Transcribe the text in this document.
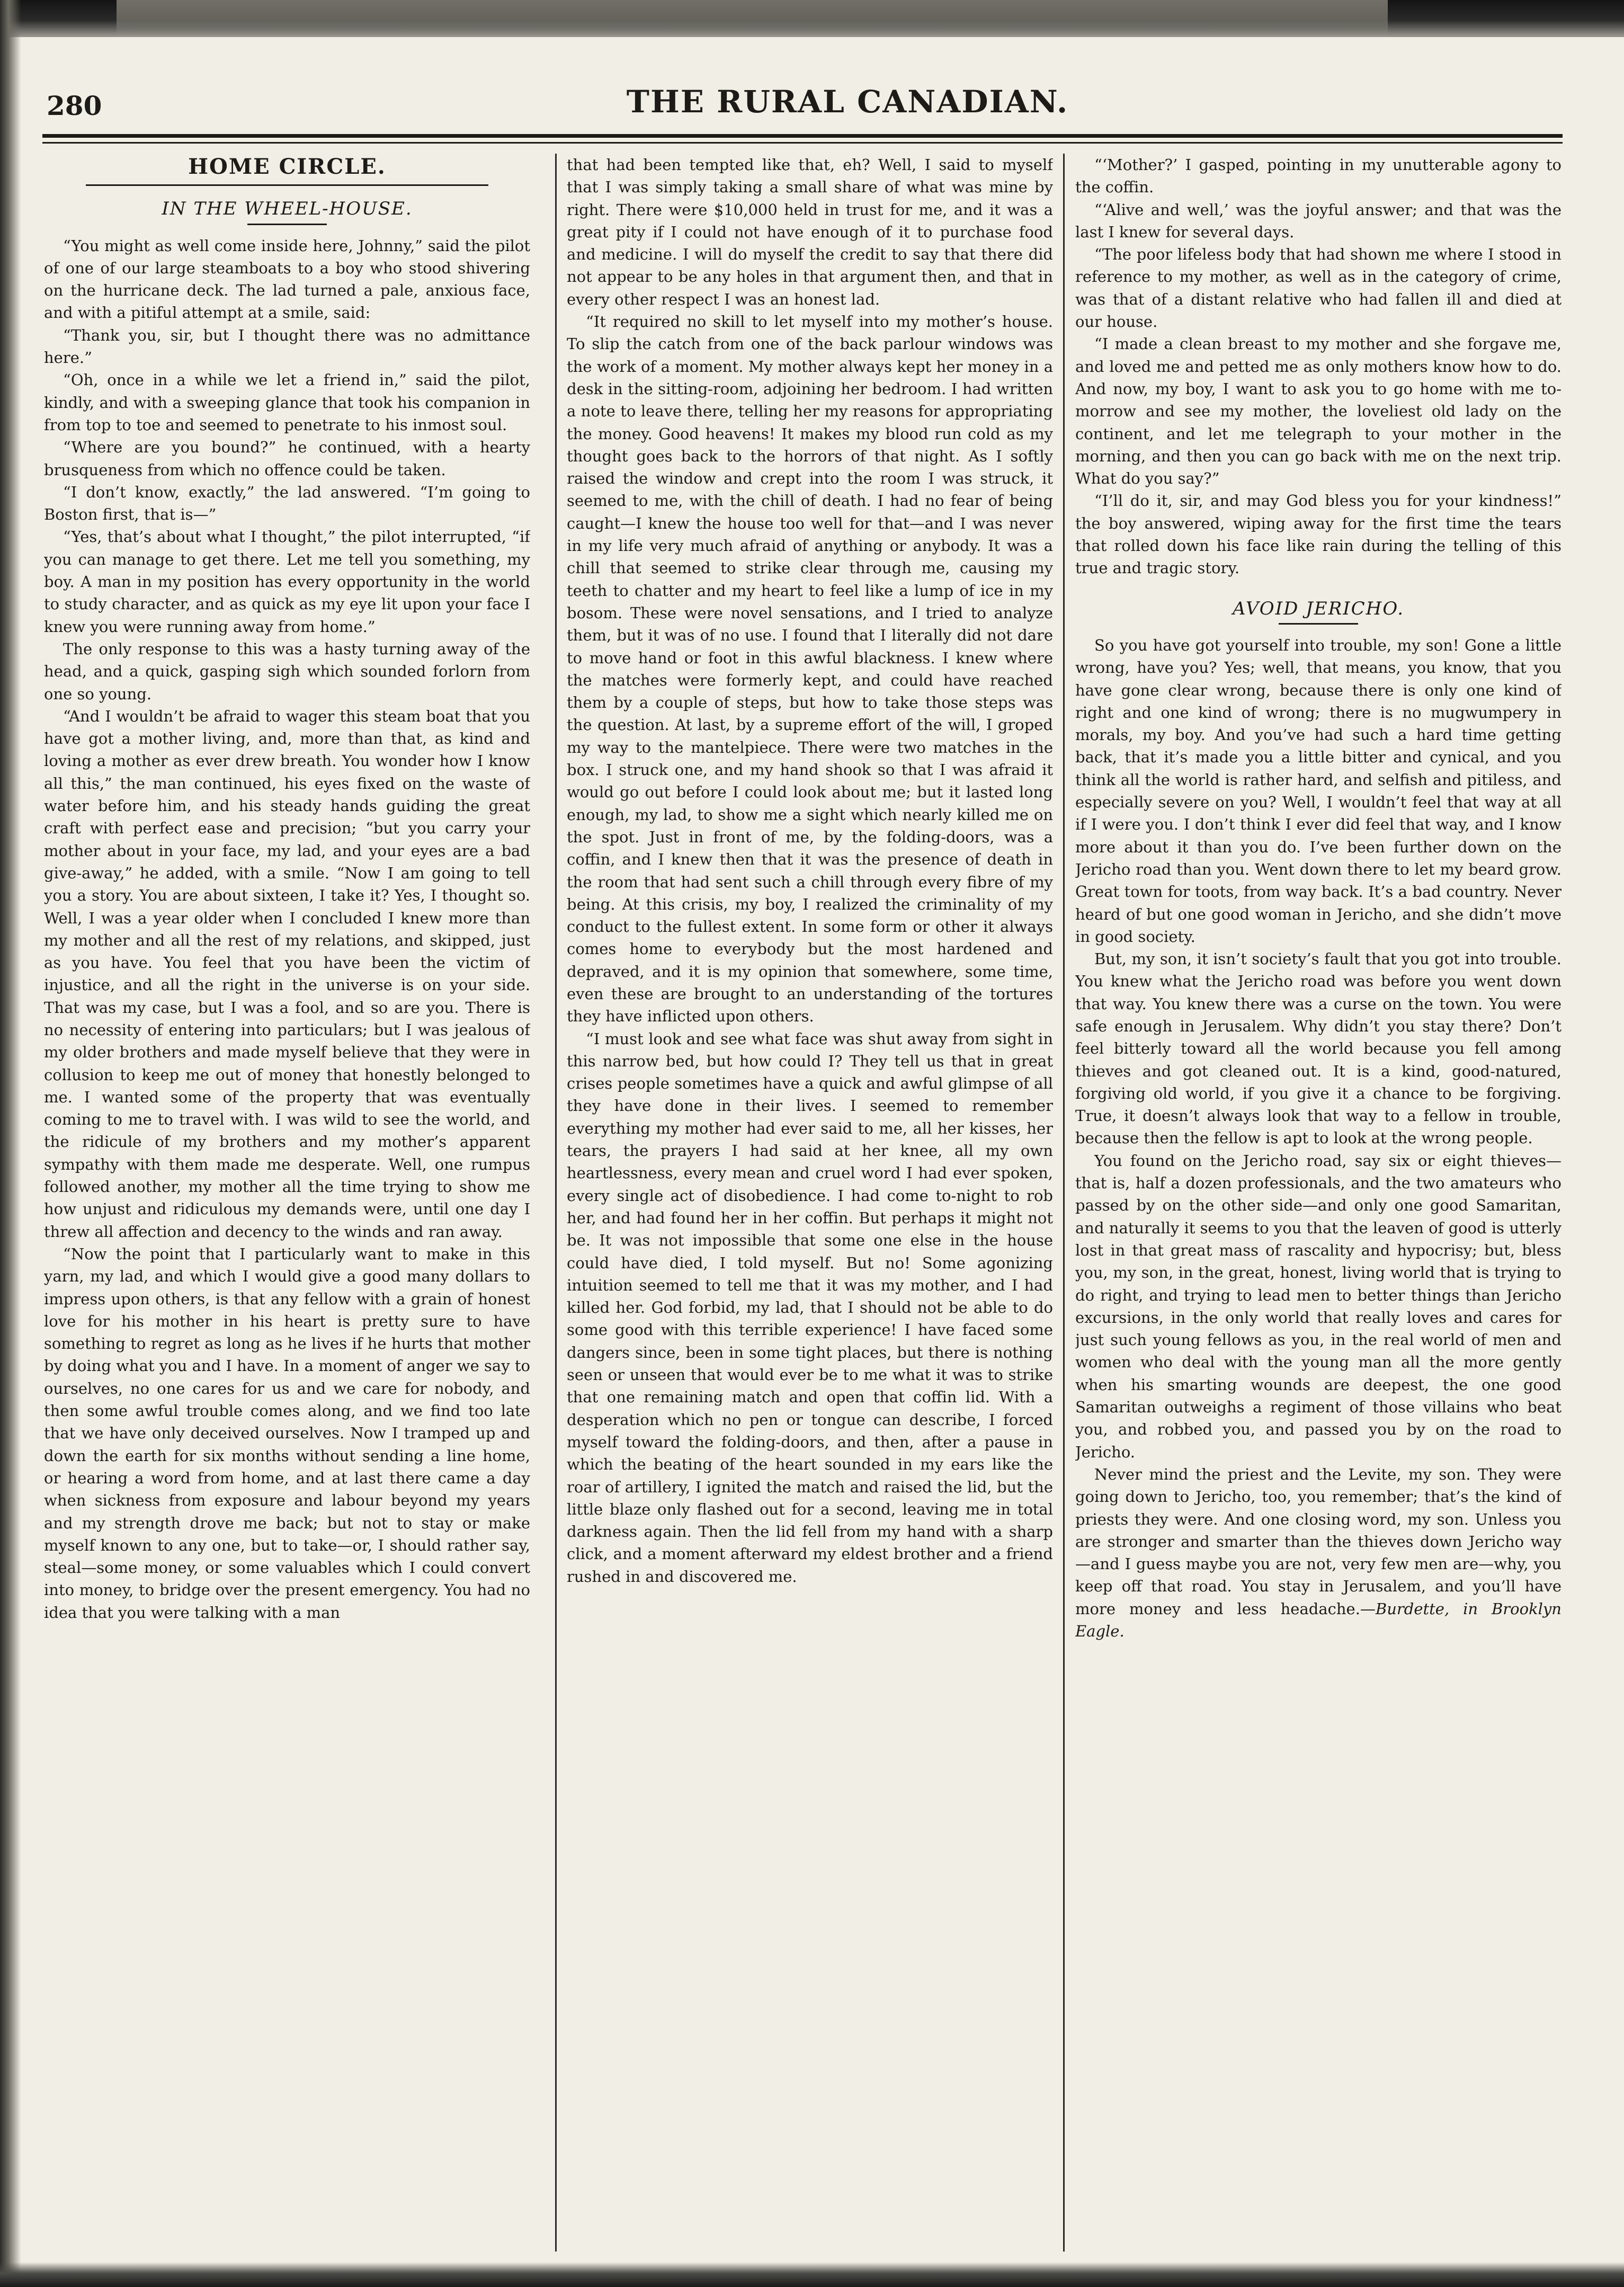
280	THE RURAL CANADIAN.
HOME CIRCLE.
IN THE WHEEL-HOUSE.

“You might as well come inside here, Johnny,” said the pilot of one of our large steamboats to a boy who stood shivering on the hurricane deck. The lad turned a pale, anxious face, and with a pitiful attempt at a smile, said:

“Thank you, sir, but I thought there was no admittance here.”

“Oh, once in a while we let a friend in,” said the pilot, kindly, and with a sweeping glance that took his companion in from top to toe and seemed to penetrate to his inmost soul.

“Where are you bound?” he continued, with a hearty brusqueness from which no offence could be taken.

“I don’t know, exactly,” the lad answered. “I’m going to Boston first, that is—”

“Yes, that’s about what I thought,” the pilot interrupted, “if you can manage to get there. Let me tell you something, my boy. A man in my position has every opportunity in the world to study character, and as quick as my eye lit upon your face I knew you were running away from home.”

The only response to this was a hasty turning away of the head, and a quick, gasping sigh which sounded forlorn from one so young.

“And I wouldn’t be afraid to wager this steam boat that you have got a mother living, and, more than that, as kind and loving a mother as ever drew breath. You wonder how I know all this,” the man continued, his eyes fixed on the waste of water before him, and his steady hands guiding the great craft with perfect ease and precision; “but you carry your mother about in your face, my lad, and your eyes are a bad give-away,” he added, with a smile. “Now I am going to tell you a story. You are about sixteen, I take it? Yes, I thought so. Well, I was a year older when I concluded I knew more than my mother and all the rest of my relations, and skipped, just as you have. You feel that you have been the victim of injustice, and all the right in the universe is on your side. That was my case, but I was a fool, and so are you. There is no necessity of entering into particulars; but I was jealous of my older brothers and made myself believe that they were in collusion to keep me out of money that honestly belonged to me. I wanted some of the property that was eventually coming to me to travel with. I was wild to see the world, and the ridicule of my brothers and my mother’s apparent sympathy with them made me desperate. Well, one rumpus followed another, my mother all the time trying to show me how unjust and ridiculous my demands were, until one day I threw all affection and decency to the winds and ran away.

“Now the point that I particularly want to make in this yarn, my lad, and which I would give a good many dollars to impress upon others, is that any fellow with a grain of honest love for his mother in his heart is pretty sure to have something to regret as long as he lives if he hurts that mother by doing what you and I have. In a moment of anger we say to ourselves, no one cares for us and we care for nobody, and then some awful trouble comes along, and we find too late that we have only deceived ourselves. Now I tramped up and down the earth for six months without sending a line home, or hearing a word from home, and at last there came a day when sickness from exposure and labour beyond my years and my strength drove me back; but not to stay or make myself known to any one, but to take—or, I should rather say, steal—some money, or some valuables which I could convert into money, to bridge over the present emergency. You had no idea that you were talking with a man

that had been tempted like that, eh? Well, I said to myself that I was simply taking a small share of what was mine by right. There were $10,000 held in trust for me, and it was a great pity if I could not have enough of it to purchase food and medicine. I will do myself the credit to say that there did not appear to be any holes in that argument then, and that in every other respect I was an honest lad.

“It required no skill to let myself into my mother’s house. To slip the catch from one of the back parlour windows was the work of a moment. My mother always kept her money in a desk in the sitting-room, adjoining her bedroom. I had written a note to leave there, telling her my reasons for appropriating the money. Good heavens! It makes my blood run cold as my thought goes back to the horrors of that night. As I softly raised the window and crept into the room I was struck, it seemed to me, with the chill of death. I had no fear of being caught—I knew the house too well for that—and I was never in my life very much afraid of anything or anybody. It was a chill that seemed to strike clear through me, causing my teeth to chatter and my heart to feel like a lump of ice in my bosom. These were novel sensations, and I tried to analyze them, but it was of no use. I found that I literally did not dare to move hand or foot in this awful blackness. I knew where the matches were formerly kept, and could have reached them by a couple of steps, but how to take those steps was the question. At last, by a supreme effort of the will, I groped my way to the mantelpiece. There were two matches in the box. I struck one, and my hand shook so that I was afraid it would go out before I could look about me; but it lasted long enough, my lad, to show me a sight which nearly killed me on the spot. Just in front of me, by the folding-doors, was a coffin, and I knew then that it was the presence of death in the room that had sent such a chill through every fibre of my being. At this crisis, my boy, I realized the criminality of my conduct to the fullest extent. In some form or other it always comes home to everybody but the most hardened and depraved, and it is my opinion that somewhere, some time, even these are brought to an understanding of the tortures they have inflicted upon others.

“I must look and see what face was shut away from sight in this narrow bed, but how could I? They tell us that in great crises people sometimes have a quick and awful glimpse of all they have done in their lives. I seemed to remember everything my mother had ever said to me, all her kisses, her tears, the prayers I had said at her knee, all my own heartlessness, every mean and cruel word I had ever spoken, every single act of disobedience. I had come to-night to rob her, and had found her in her coffin. But perhaps it might not be. It was not impossible that some one else in the house could have died, I told myself. But no! Some agonizing intuition seemed to tell me that it was my mother, and I had killed her. God forbid, my lad, that I should not be able to do some good with this terrible experience! I have faced some dangers since, been in some tight places, but there is nothing seen or unseen that would ever be to me what it was to strike that one remaining match and open that coffin lid. With a desperation which no pen or tongue can describe, I forced myself toward the folding-doors, and then, after a pause in which the beating of the heart sounded in my ears like the roar of artillery, I ignited the match and raised the lid, but the little blaze only flashed out for a second, leaving me in total darkness again. Then the lid fell from my hand with a sharp click, and a moment afterward my eldest brother and a friend rushed in and discovered me.

“‘Mother?’ I gasped, pointing in my unutterable agony to the coffin.

“‘Alive and well,’ was the joyful answer; and that was the last I knew for several days.

“The poor lifeless body that had shown me where I stood in reference to my mother, as well as in the category of crime, was that of a distant relative who had fallen ill and died at our house.

“I made a clean breast to my mother and she forgave me, and loved me and petted me as only mothers know how to do. And now, my boy, I want to ask you to go home with me to-morrow and see my mother, the loveliest old lady on the continent, and let me telegraph to your mother in the morning, and then you can go back with me on the next trip. What do you say?”

“I’ll do it, sir, and may God bless you for your kindness!” the boy answered, wiping away for the first time the tears that rolled down his face like rain during the telling of this true and tragic story.

AVOID JERICHO.

So you have got yourself into trouble, my son! Gone a little wrong, have you? Yes; well, that means, you know, that you have gone clear wrong, because there is only one kind of right and one kind of wrong; there is no mugwumpery in morals, my boy. And you’ve had such a hard time getting back, that it’s made you a little bitter and cynical, and you think all the world is rather hard, and selfish and pitiless, and especially severe on you? Well, I wouldn’t feel that way at all if I were you. I don’t think I ever did feel that way, and I know more about it than you do. I’ve been further down on the Jericho road than you. Went down there to let my beard grow. Great town for toots, from way back. It’s a bad country. Never heard of but one good woman in Jericho, and she didn’t move in good society.

But, my son, it isn’t society’s fault that you got into trouble. You knew what the Jericho road was before you went down that way. You knew there was a curse on the town. You were safe enough in Jerusalem. Why didn’t you stay there? Don’t feel bitterly toward all the world because you fell among thieves and got cleaned out. It is a kind, good-natured, forgiving old world, if you give it a chance to be forgiving. True, it doesn’t always look that way to a fellow in trouble, because then the fellow is apt to look at the wrong people.

You found on the Jericho road, say six or eight thieves—that is, half a dozen professionals, and the two amateurs who passed by on the other side—and only one good Samaritan, and naturally it seems to you that the leaven of good is utterly lost in that great mass of rascality and hypocrisy; but, bless you, my son, in the great, honest, living world that is trying to do right, and trying to lead men to better things than Jericho excursions, in the only world that really loves and cares for just such young fellows as you, in the real world of men and women who deal with the young man all the more gently when his smarting wounds are deepest, the one good Samaritan outweighs a regiment of those villains who beat you, and robbed you, and passed you by on the road to Jericho.

Never mind the priest and the Levite, my son. They were going down to Jericho, too, you remember; that’s the kind of priests they were. And one closing word, my son. Unless you are stronger and smarter than the thieves down Jericho way—and I guess maybe you are not, very few men are—why, you keep off that road. You stay in Jerusalem, and you’ll have more money and less headache.—Burdette, in Brooklyn Eagle.
